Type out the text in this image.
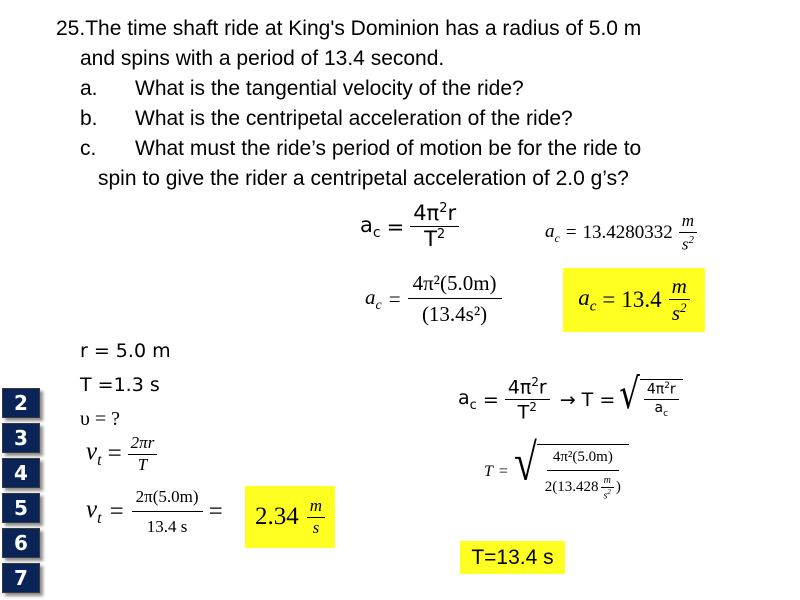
25.The time shaft ride at King's Dominion has a radius of 5.0 m
and spins with a period of 13.4 second.
a. What is the tangential velocity of the ride?
b. What is the centripetal acceleration of the ride?
c. What must the ride’s period of motion be for the ride to
spin to give the rider a centripetal acceleration of 2.0 g’s?
$a_c = \frac{4\pi^2r}{T^2}$	$a_c = 13.4280332 \frac{m}{s^2}$
$a_c = \frac{\text{4π²(5.0m)}}{\text{(13.4s²)}}$	$a_c = 13.4 \frac{m}{s^2}$
r = 5.0 m
T =1.3 s
υ = ?
$v_t = \frac{2\pi r}{T}$
$v_t = \frac{2\pi(5.0m)}{13.4 s} = 2.34 \frac{m}{s}$
$a_c = \frac{4\pi^2r}{T^2} \to T$ = √ $\frac{4\pi^2r}{a_c}$
T = √	4π²(5.0m)
$2(13.428 \frac{m}{s^2}$ )
T=13.4 s
2
3
4
5
6
7
